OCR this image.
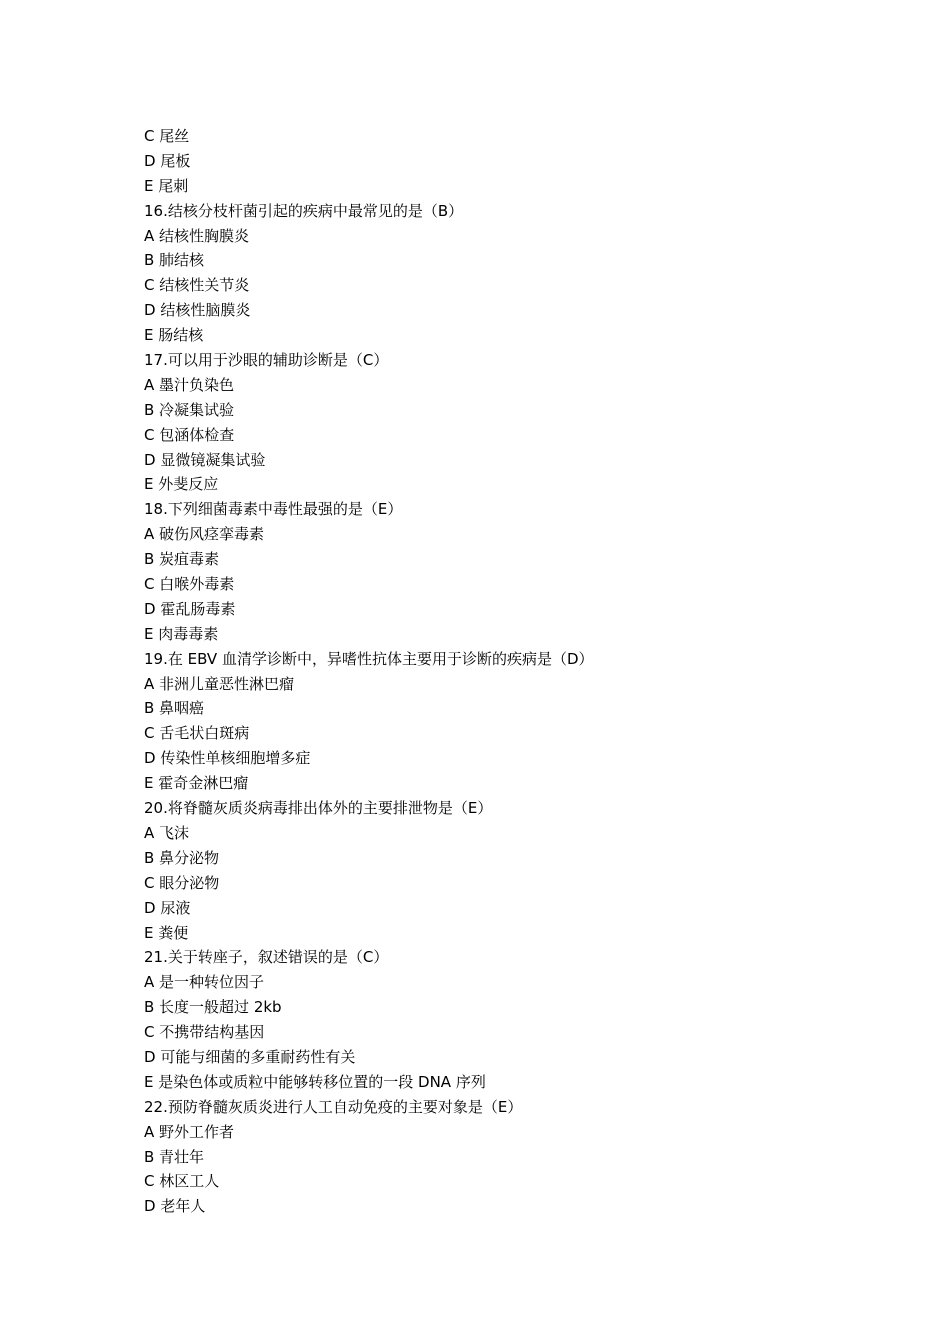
C 尾丝
D 尾板
E 尾刺
16.结核分枝杆菌引起的疾病中最常见的是（B）
A 结核性胸膜炎
B 肺结核
C 结核性关节炎
D 结核性脑膜炎
E 肠结核
17.可以用于沙眼的辅助诊断是（C）
A 墨汁负染色
B 冷凝集试验
C 包涵体检查
D 显微镜凝集试验
E 外斐反应
18.下列细菌毒素中毒性最强的是（E）
A 破伤风痉挛毒素
B 炭疽毒素
C 白喉外毒素
D 霍乱肠毒素
E 肉毒毒素
19.在 EBV 血清学诊断中，异嗜性抗体主要用于诊断的疾病是（D）
A 非洲儿童恶性淋巴瘤
B 鼻咽癌
C 舌毛状白斑病
D 传染性单核细胞增多症
E 霍奇金淋巴瘤
20.将脊髓灰质炎病毒排出体外的主要排泄物是（E）
A 飞沫
B 鼻分泌物
C 眼分泌物
D 尿液
E 粪便
21.关于转座子，叙述错误的是（C）
A 是一种转位因子
B 长度一般超过 2kb
C 不携带结构基因
D 可能与细菌的多重耐药性有关
E 是染色体或质粒中能够转移位置的一段 DNA 序列
22.预防脊髓灰质炎进行人工自动免疫的主要对象是（E）
A 野外工作者
B 青壮年
C 林区工人
D 老年人
